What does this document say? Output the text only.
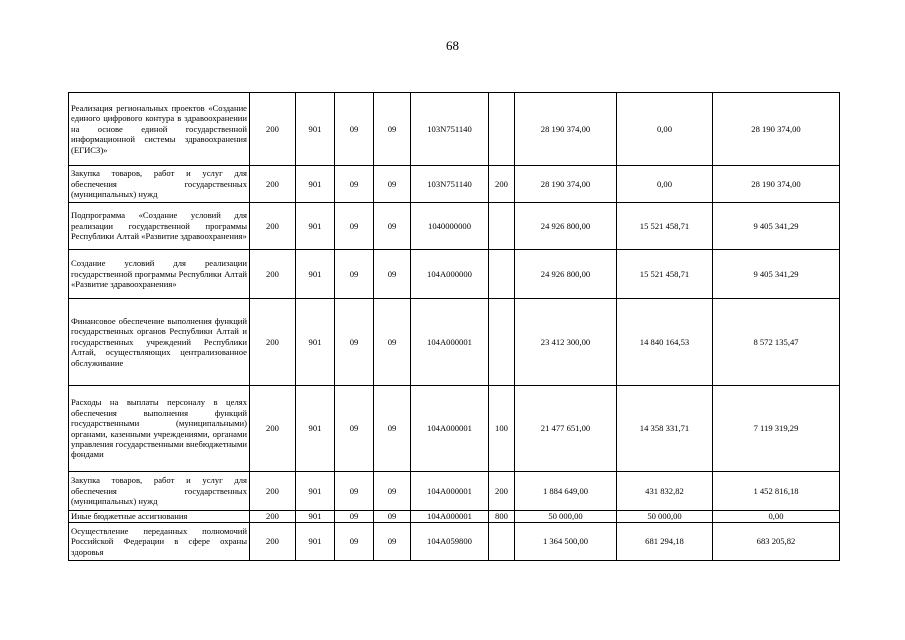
68
Реализация региональных проектов «Создание единого цифрового контура в здравоохранении на основе единой государственной информационной системы здравоохранения (ЕГИСЗ)»	200	901	09	09	103N751140		28 190 374,00	0,00	28 190 374,00
Закупка товаров, работ и услуг для обеспечения государственных (муниципальных) нужд	200	901	09	09	103N751140	200	28 190 374,00	0,00	28 190 374,00
Подпрограмма «Создание условий для реализации государственной программы Республики Алтай «Развитие здравоохранения»	200	901	09	09	1040000000		24 926 800,00	15 521 458,71	9 405 341,29
Создание условий для реализации государственной программы Республики Алтай «Развитие здравоохранения»	200	901	09	09	104А000000		24 926 800,00	15 521 458,71	9 405 341,29
Финансовое обеспечение выполнения функций государственных органов Республики Алтай и государственных учреждений Республики Алтай, осуществляющих централизованное обслуживание	200	901	09	09	104А000001		23 412 300,00	14 840 164,53	8 572 135,47
Расходы на выплаты персоналу в целях обеспечения выполнения функций государственными (муниципальными) органами, казенными учреждениями, органами управления государственными внебюджетными фондами	200	901	09	09	104А000001	100	21 477 651,00	14 358 331,71	7 119 319,29
Закупка товаров, работ и услуг для обеспечения государственных (муниципальных) нужд	200	901	09	09	104А000001	200	1 884 649,00	431 832,82	1 452 816,18
Иные бюджетные ассигнования	200	901	09	09	104А000001	800	50 000,00	50 000,00	0,00
Осуществление переданных полномочий Российской Федерации в сфере охраны здоровья	200	901	09	09	104А059800		1 364 500,00	681 294,18	683 205,82
